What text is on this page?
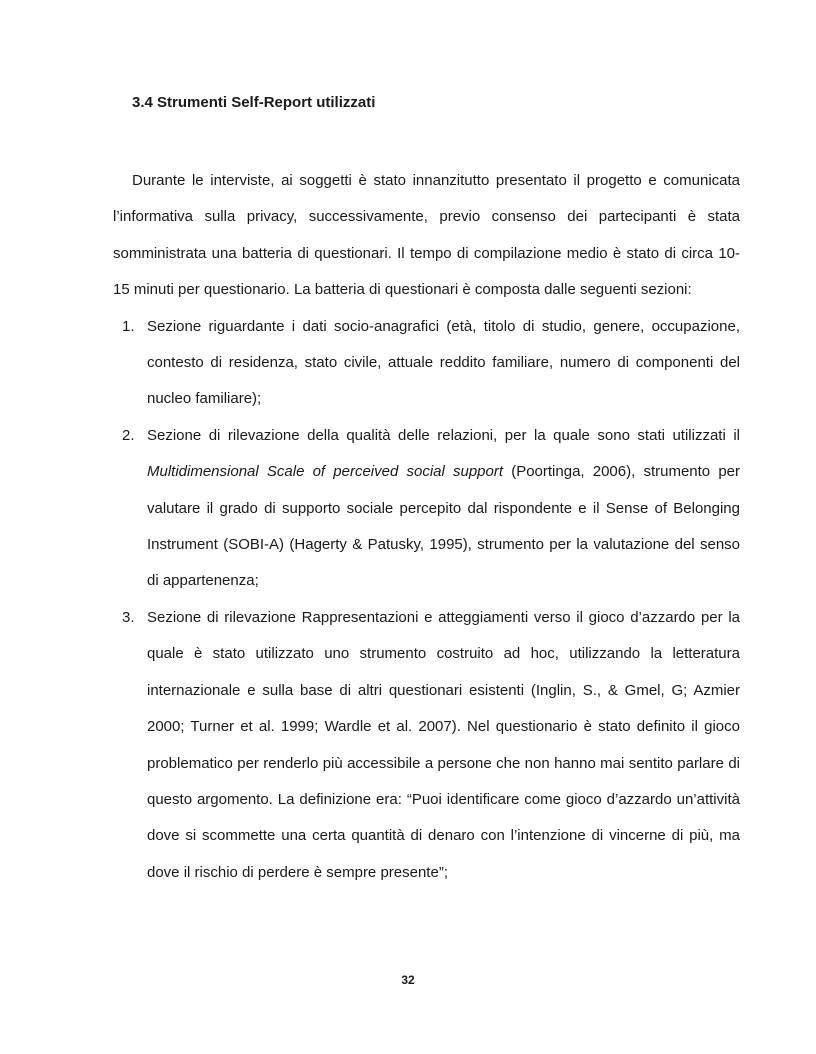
3.4 Strumenti Self-Report utilizzati

Durante le interviste, ai soggetti è stato innanzitutto presentato il progetto e comunicata l’informativa sulla privacy, successivamente, previo consenso dei partecipanti è stata somministrata una batteria di questionari. Il tempo di compilazione medio è stato di circa 10-15 minuti per questionario. La batteria di questionari è composta dalle seguenti sezioni:

1. Sezione riguardante i dati socio-anagrafici (età, titolo di studio, genere, occupazione, contesto di residenza, stato civile, attuale reddito familiare, numero di componenti del nucleo familiare);
2. Sezione di rilevazione della qualità delle relazioni, per la quale sono stati utilizzati il Multidimensional Scale of perceived social support (Poortinga, 2006), strumento per valutare il grado di supporto sociale percepito dal rispondente e il Sense of Belonging Instrument (SOBI-A) (Hagerty & Patusky, 1995), strumento per la valutazione del senso di appartenenza;
3. Sezione di rilevazione Rappresentazioni e atteggiamenti verso il gioco d’azzardo per la quale è stato utilizzato uno strumento costruito ad hoc, utilizzando la letteratura internazionale e sulla base di altri questionari esistenti (Inglin, S., & Gmel, G; Azmier 2000; Turner et al. 1999; Wardle et al. 2007). Nel questionario è stato definito il gioco problematico per renderlo più accessibile a persone che non hanno mai sentito parlare di questo argomento. La definizione era: “Puoi identificare come gioco d’azzardo un’attività dove si scommette una certa quantità di denaro con l’intenzione di vincerne di più, ma dove il rischio di perdere è sempre presente”;
32
